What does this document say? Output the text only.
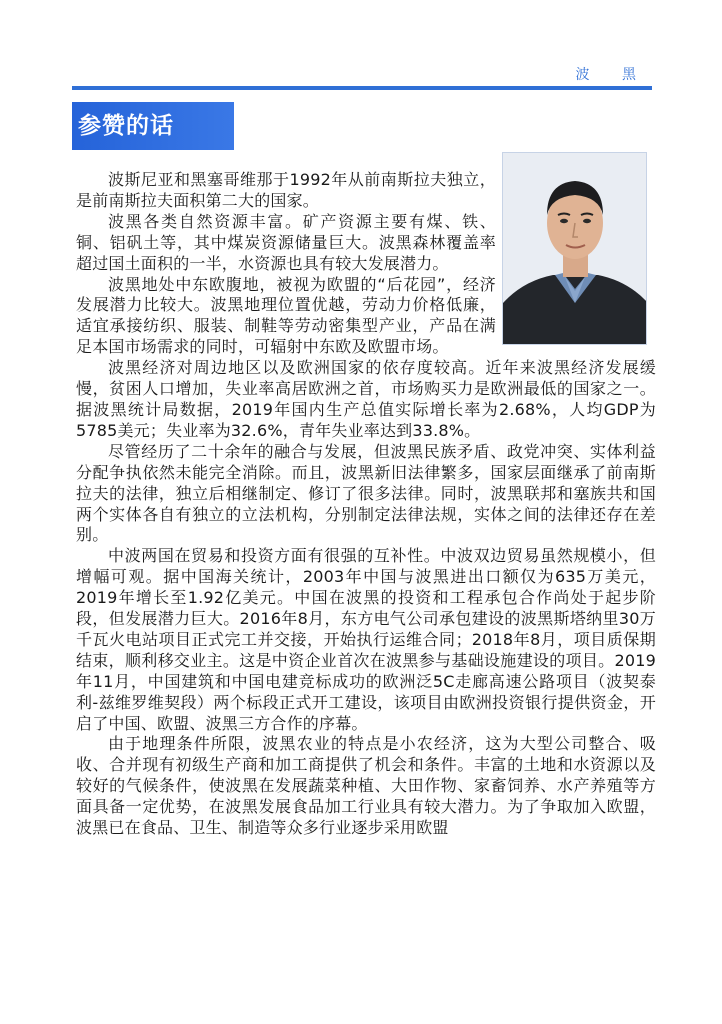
波 黑
参赞的话

波斯尼亚和黑塞哥维那于1992年从前南斯拉夫独立，是前南斯拉夫面积第二大的国家。

波黑各类自然资源丰富。矿产资源主要有煤、铁、铜、铝矾土等，其中煤炭资源储量巨大。波黑森林覆盖率超过国土面积的一半，水资源也具有较大发展潜力。

波黑地处中东欧腹地，被视为欧盟的“后花园”，经济发展潜力比较大。波黑地理位置优越，劳动力价格低廉，适宜承接纺织、服装、制鞋等劳动密集型产业，产品在满足本国市场需求的同时，可辐射中东欧及欧盟市场。

波黑经济对周边地区以及欧洲国家的依存度较高。近年来波黑经济发展缓慢，贫困人口增加，失业率高居欧洲之首，市场购买力是欧洲最低的国家之一。据波黑统计局数据，2019年国内生产总值实际增长率为2.68%，人均GDP为5785美元；失业率为32.6%，青年失业率达到33.8%。

尽管经历了二十余年的融合与发展，但波黑民族矛盾、政党冲突、实体利益分配争执依然未能完全消除。而且，波黑新旧法律繁多，国家层面继承了前南斯拉夫的法律，独立后相继制定、修订了很多法律。同时，波黑联邦和塞族共和国两个实体各自有独立的立法机构，分别制定法律法规，实体之间的法律还存在差别。

中波两国在贸易和投资方面有很强的互补性。中波双边贸易虽然规模小，但增幅可观。据中国海关统计，2003年中国与波黑进出口额仅为635万美元，2019年增长至1.92亿美元。中国在波黑的投资和工程承包合作尚处于起步阶段，但发展潜力巨大。2016年8月，东方电气公司承包建设的波黑斯塔纳里30万千瓦火电站项目正式完工并交接，开始执行运维合同；2018年8月，项目质保期结束，顺利移交业主。这是中资企业首次在波黑参与基础设施建设的项目。2019年11月，中国建筑和中国电建竞标成功的欧洲泛5C走廊高速公路项目（波契泰利-兹维罗维契段）两个标段正式开工建设，该项目由欧洲投资银行提供资金，开启了中国、欧盟、波黑三方合作的序幕。

由于地理条件所限，波黑农业的特点是小农经济，这为大型公司整合、吸收、合并现有初级生产商和加工商提供了机会和条件。丰富的土地和水资源以及较好的气候条件，使波黑在发展蔬菜种植、大田作物、家畜饲养、水产养殖等方面具备一定优势，在波黑发展食品加工行业具有较大潜力。为了争取加入欧盟，波黑已在食品、卫生、制造等众多行业逐步采用欧盟
